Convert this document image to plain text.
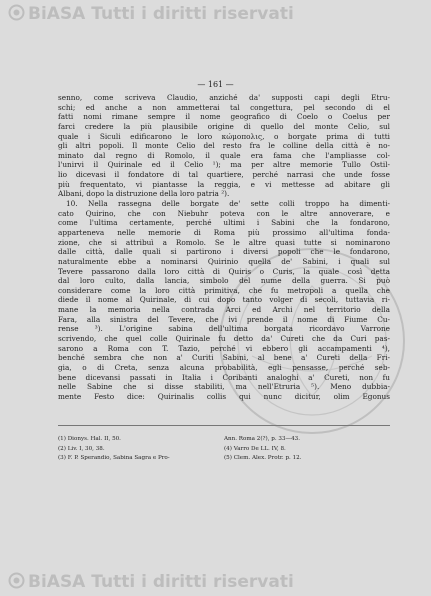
BiASA Tutti i diritti riservati
— 161 —
senno, come scriveva Claudio, anziché da' supposti capi degli Etru-
schi; ed anche a non ammetterai tal congettura, pel secondo di el
fatti nomi rimane sempre il nome geografico di Coelo o Coelus per
farci credere la più plausibile origine di quello del monte Celio, sul
quale i Siculi edificarono le loro κώμοπολις, o borgate prima di tutti
gli altri popoli. Il monte Celio del resto fra le colline della città è no-
minato dal regno di Romolo, il quale era fama che l'ampliasse col-
l'unirvi il Quirinale ed il Celio ¹); ma per altre memorie Tullo Ostil-
lio dicevasi il fondatore di tal quartiere, perché narrasi che unde fosse
più frequentato, vi piantasse la reggia, e vi mettesse ad abitare gli
Albani, dopo la distruzione della loro patria ²).
10. Nella rassegna delle borgate de' sette colli troppo ha dimenti-
cato Quirino, che con Niebuhr poteva con le altre annoverare, e
come l'ultima certamente, perché ultimi i Sabini che la fondarono,
apparteneva nelle memorie di Roma più prossimo all'ultima fonda-
zione, che si attribuì a Romolo. Se le altre quasi tutte si nominarono
dalle città, dalle quali si partirono i diversi popoli che le fondarono,
naturalmente ebbe a nominarsi Quirinio quella de' Sabini, i quali sul
Tevere passarono dalla loro città di Quiris o Curis, la quale così detta
dal loro culto, dalla lancia, simbolo del nume della guerra. Si può
considerare come la loro città primitiva, che fu metropoli a quella che
diede il nome al Quirinale, di cui dopo tanto volger di secoli, tuttavia ri-
mane la memoria nella contrada Arci ed Archi nel territorio della
Fara, alla sinistra del Tevere, che ivi prende il nome di Fiume Cu-
rense ³). L'origine sabina dell'ultima borgata ricordavo Varrone
scrivendo, che quel colle Quirinale fu detto da' Cureti che da Curi pas-
sarono a Roma con T. Tazio, perché vi ebbero gli accampamenti ⁴),
benché sembra che non a' Curiti Sabini, al bene a' Cureti della Fri-
gia, o di Creta, senza alcuna probabilità, egli pensasse, perché seb-
bene dicevansi passati in Italia i Coribanti analoghi a' Cureti, non fu
nelle Sabine che si disse stabiliti, ma nell'Etruria ⁵). Meno dubbia-
mente Festo dice: Quirinalis collis qui nunc dicitur, olim Egonus
(1) Dionys. Hal. II, 50.	Ann. Roma 2(?), p. 33—43.
(2) Liv. I, 30, 38.	(4) Varro De LL. IV, 8.
(3) F. P. Sperandio, Sabina Sagra e Pro-	(5) Clem. Alex. Protr. p. 12.
BiASA Tutti i diritti riservati
